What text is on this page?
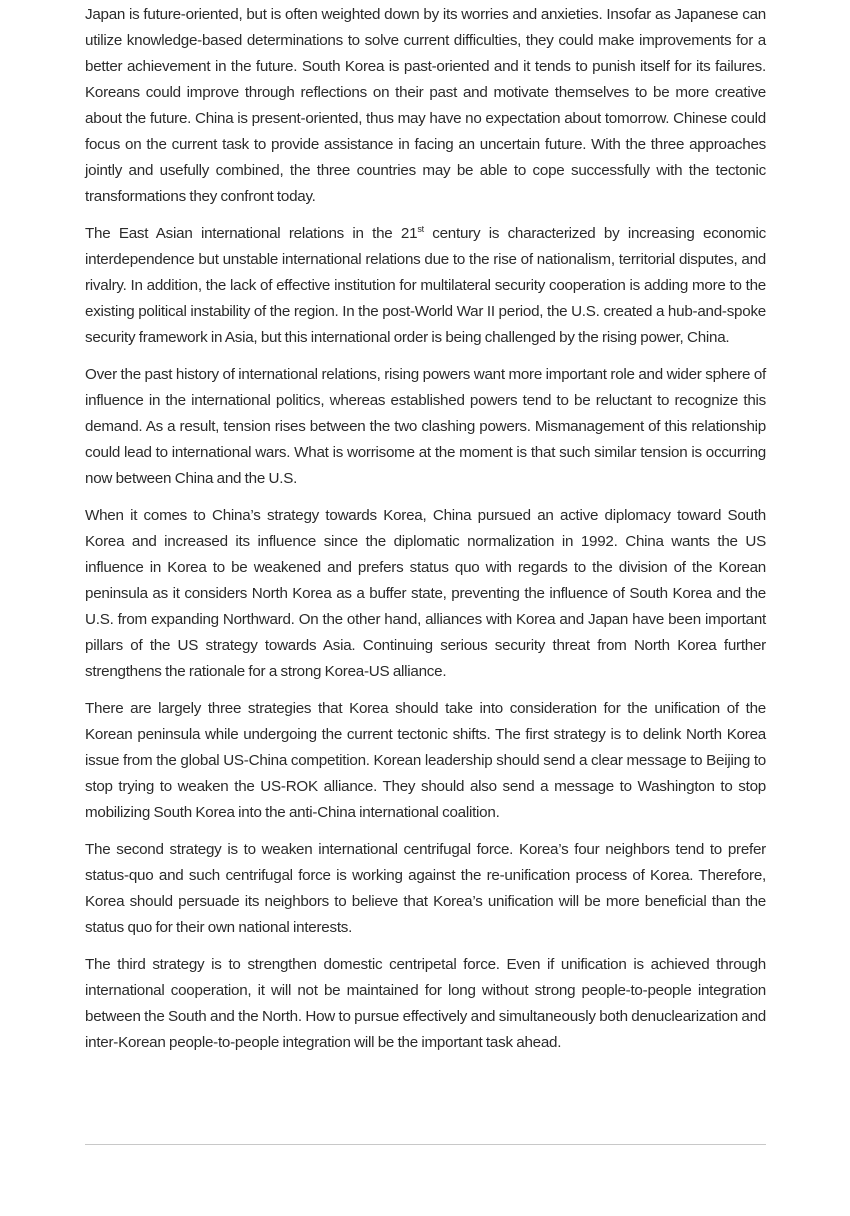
Japan is future-oriented, but is often weighted down by its worries and anxieties. Insofar as Japanese can utilize knowledge-based determinations to solve current difficulties, they could make improvements for a better achievement in the future. South Korea is past-oriented and it tends to punish itself for its failures. Koreans could improve through reflections on their past and motivate themselves to be more creative about the future. China is present-oriented, thus may have no expectation about tomorrow. Chinese could focus on the current task to provide assistance in facing an uncertain future. With the three approaches jointly and usefully combined, the three countries may be able to cope successfully with the tectonic transformations they confront today.

The East Asian international relations in the 21st century is characterized by increasing economic interdependence but unstable international relations due to the rise of nationalism, territorial disputes, and rivalry. In addition, the lack of effective institution for multilateral security cooperation is adding more to the existing political instability of the region. In the post-World War II period, the U.S. created a hub-and-spoke security framework in Asia, but this international order is being challenged by the rising power, China.

Over the past history of international relations, rising powers want more important role and wider sphere of influence in the international politics, whereas established powers tend to be reluctant to recognize this demand. As a result, tension rises between the two clashing powers. Mismanagement of this relationship could lead to international wars. What is worrisome at the moment is that such similar tension is occurring now between China and the U.S.

When it comes to China’s strategy towards Korea, China pursued an active diplomacy toward South Korea and increased its influence since the diplomatic normalization in 1992. China wants the US influence in Korea to be weakened and prefers status quo with regards to the division of the Korean peninsula as it considers North Korea as a buffer state, preventing the influence of South Korea and the U.S. from expanding Northward. On the other hand, alliances with Korea and Japan have been important pillars of the US strategy towards Asia. Continuing serious security threat from North Korea further strengthens the rationale for a strong Korea-US alliance.

There are largely three strategies that Korea should take into consideration for the unification of the Korean peninsula while undergoing the current tectonic shifts. The first strategy is to delink North Korea issue from the global US-China competition. Korean leadership should send a clear message to Beijing to stop trying to weaken the US-ROK alliance. They should also send a message to Washington to stop mobilizing South Korea into the anti-China international coalition.

The second strategy is to weaken international centrifugal force. Korea’s four neighbors tend to prefer status-quo and such centrifugal force is working against the re-unification process of Korea. Therefore, Korea should persuade its neighbors to believe that Korea’s unification will be more beneficial than the status quo for their own national interests.

The third strategy is to strengthen domestic centripetal force. Even if unification is achieved through international cooperation, it will not be maintained for long without strong people-to-people integration between the South and the North. How to pursue effectively and simultaneously both denuclearization and inter-Korean people-to-people integration will be the important task ahead.
